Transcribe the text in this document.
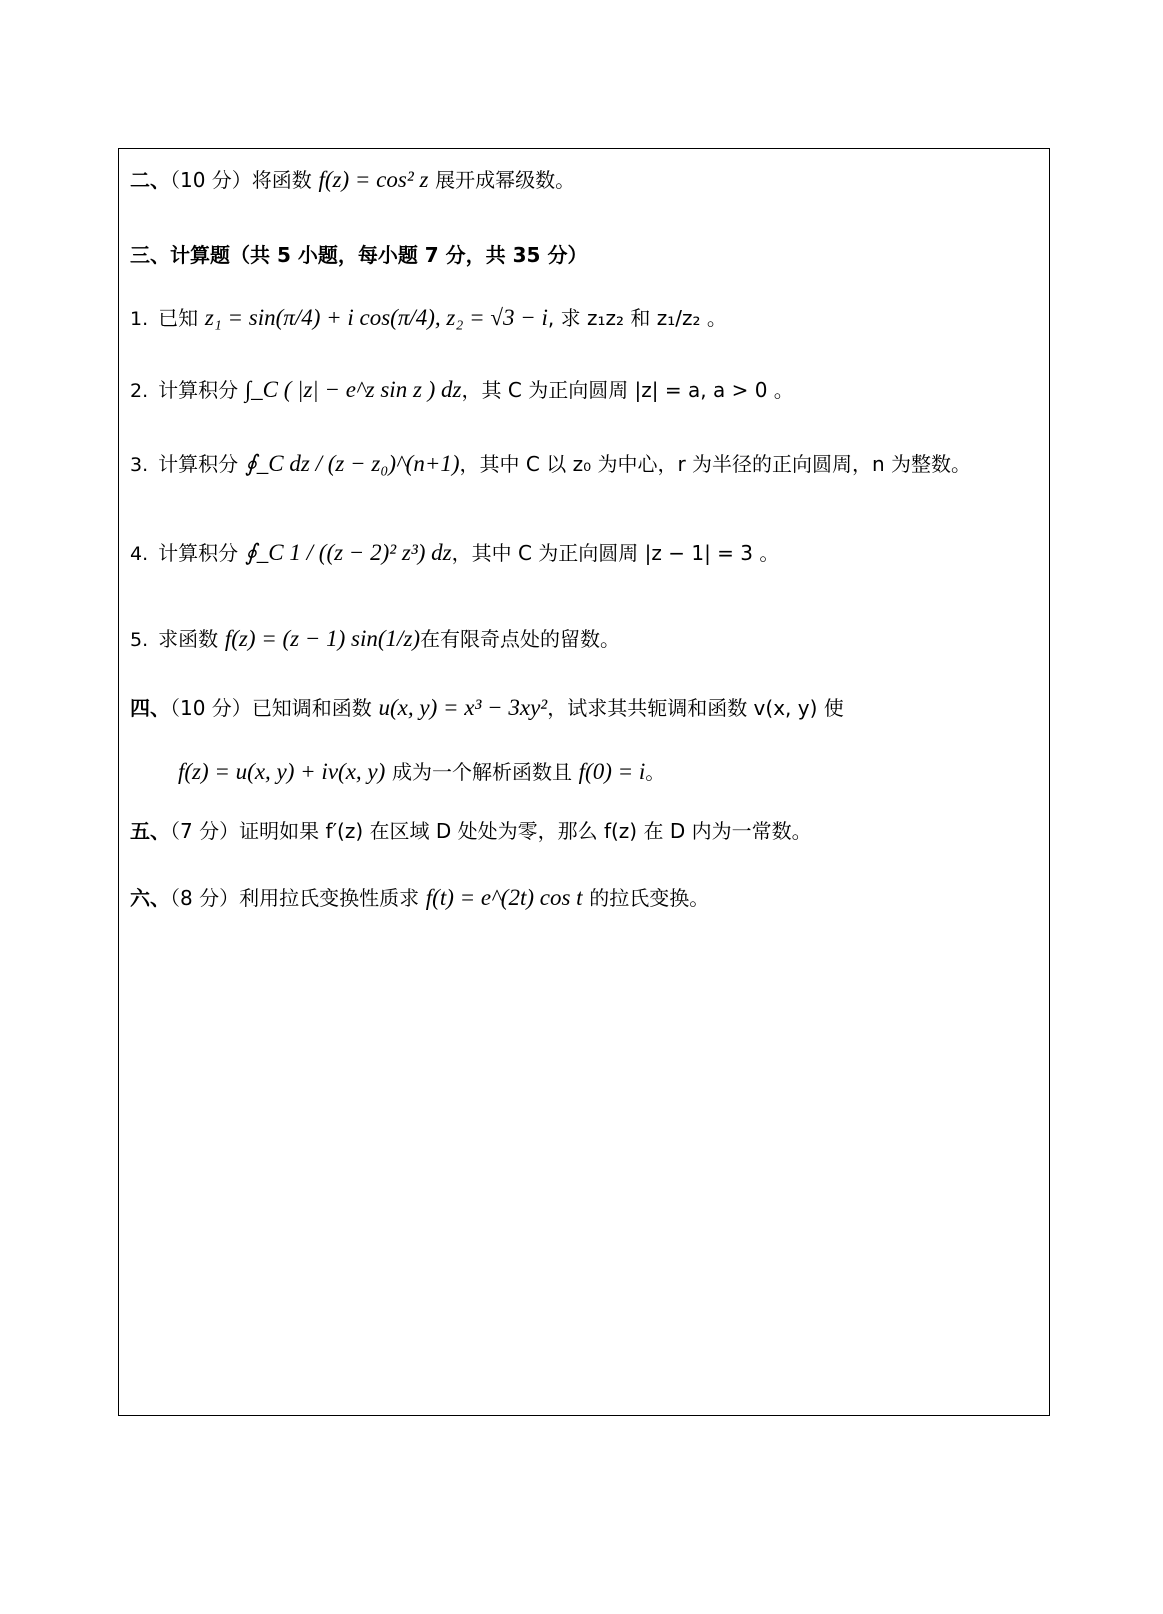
二、（10 分）将函数 f(z) = cos² z 展开成幂级数。
三、计算题（共 5 小题，每小题 7 分，共 35 分）
1. 已知 z₁ = sin(π/4) + i cos(π/4), z₂ = √3 − i, 求 z₁z₂ 和 z₁/z₂ 。
2. 计算积分 ∫_C ( |z| − e^z sin z ) dz，其 C 为正向圆周 |z| = a, a > 0 。
3. 计算积分 ∮_C dz / (z − z₀)^(n+1)，其中 C 以 z₀ 为中心，r 为半径的正向圆周，n 为整数。
4. 计算积分 ∮_C 1 / ((z − 2)² z³) dz，其中 C 为正向圆周 |z − 1| = 3 。
5. 求函数 f(z) = (z − 1) sin(1/z)在有限奇点处的留数。
四、（10 分）已知调和函数 u(x, y) = x³ − 3xy²，试求其共轭调和函数 v(x, y) 使
f(z) = u(x, y) + iv(x, y) 成为一个解析函数且 f(0) = i。
五、（7 分）证明如果 f′(z) 在区域 D 处处为零，那么 f(z) 在 D 内为一常数。
六、（8 分）利用拉氏变换性质求 f(t) = e^(2t) cos t 的拉氏变换。
